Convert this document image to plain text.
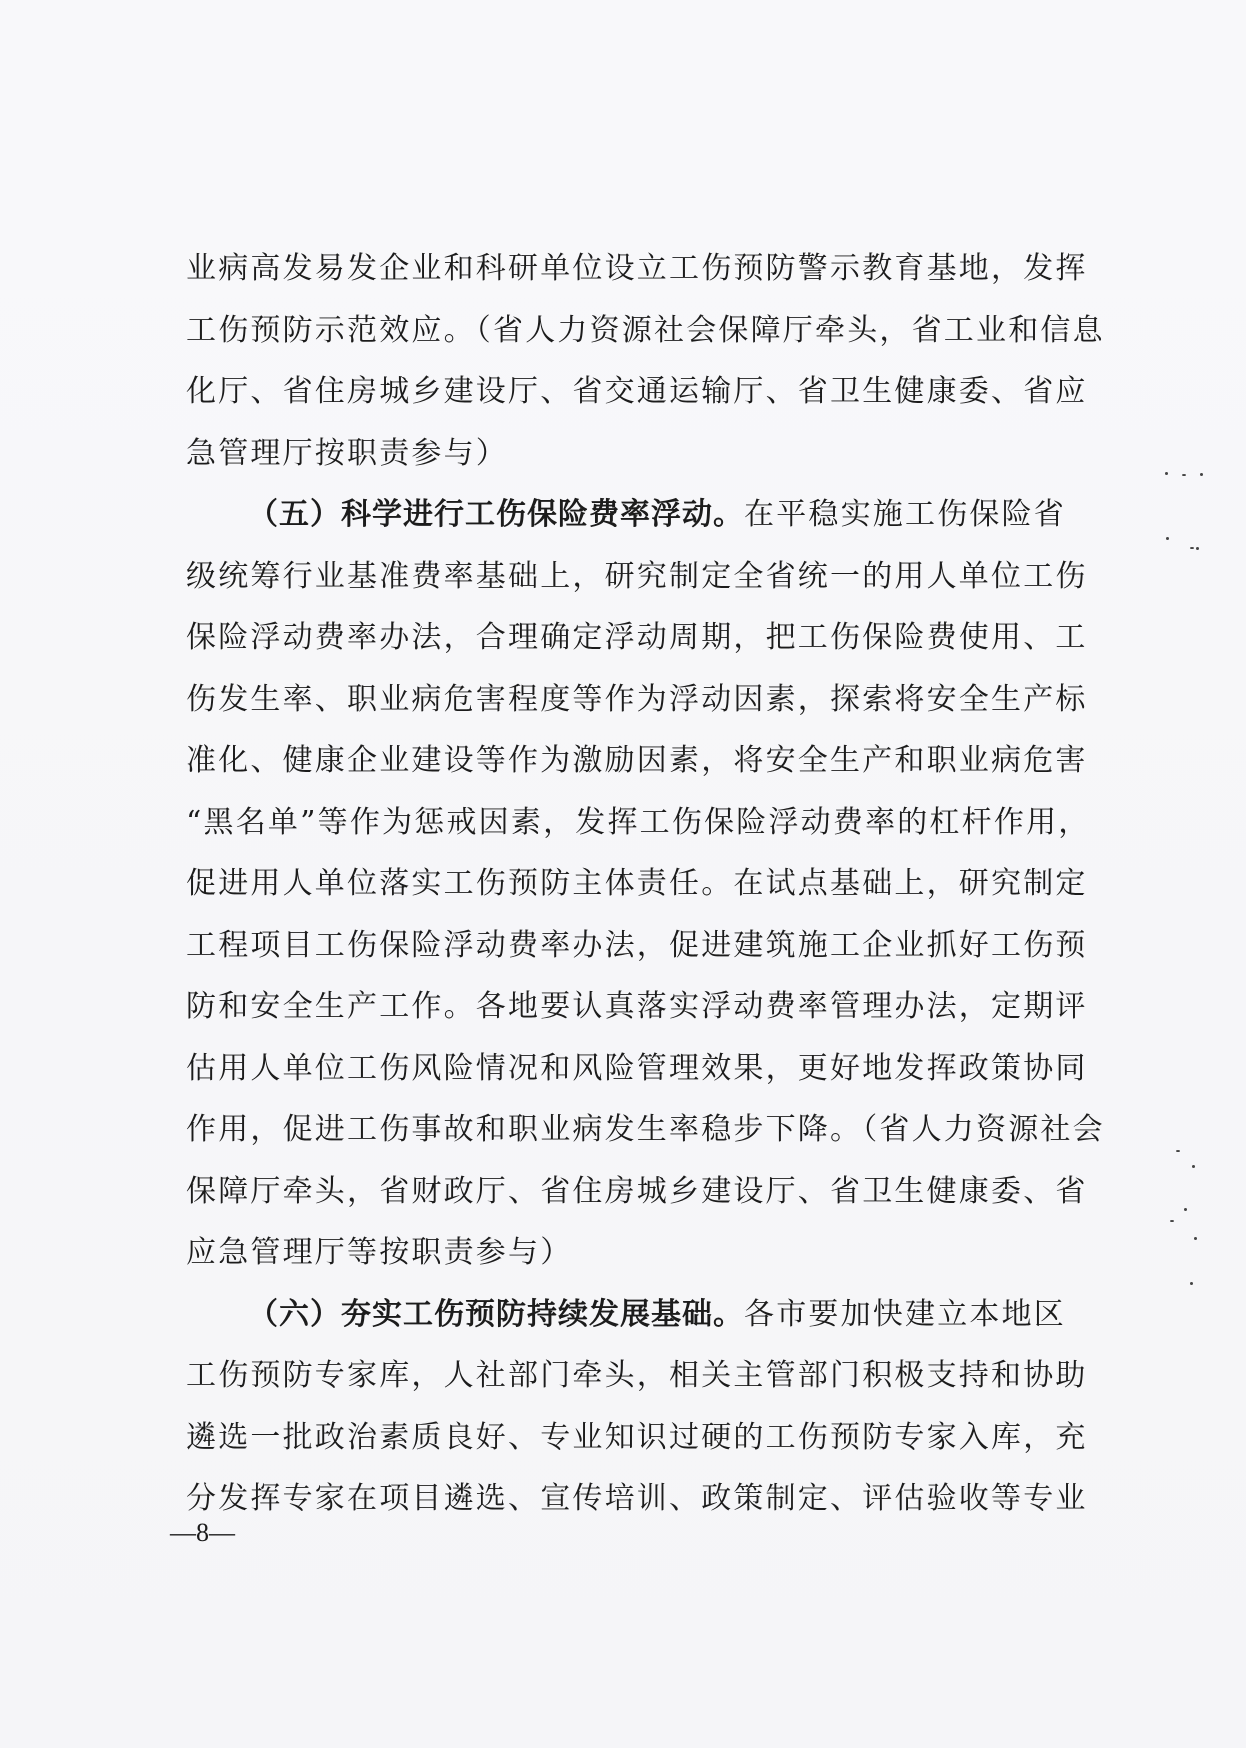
业病高发易发企业和科研单位设立工伤预防警示教育基地，发挥
工伤预防示范效应。（省人力资源社会保障厅牵头，省工业和信息
化厅、省住房城乡建设厅、省交通运输厅、省卫生健康委、省应
急管理厅按职责参与）
（五）科学进行工伤保险费率浮动。在平稳实施工伤保险省
级统筹行业基准费率基础上，研究制定全省统一的用人单位工伤
保险浮动费率办法，合理确定浮动周期，把工伤保险费使用、工
伤发生率、职业病危害程度等作为浮动因素，探索将安全生产标
准化、健康企业建设等作为激励因素，将安全生产和职业病危害
“黑名单”等作为惩戒因素，发挥工伤保险浮动费率的杠杆作用，
促进用人单位落实工伤预防主体责任。在试点基础上，研究制定
工程项目工伤保险浮动费率办法，促进建筑施工企业抓好工伤预
防和安全生产工作。各地要认真落实浮动费率管理办法，定期评
估用人单位工伤风险情况和风险管理效果，更好地发挥政策协同
作用，促进工伤事故和职业病发生率稳步下降。（省人力资源社会
保障厅牵头，省财政厅、省住房城乡建设厅、省卫生健康委、省
应急管理厅等按职责参与）
（六）夯实工伤预防持续发展基础。各市要加快建立本地区
工伤预防专家库，人社部门牵头，相关主管部门积极支持和协助
遴选一批政治素质良好、专业知识过硬的工伤预防专家入库，充
分发挥专家在项目遴选、宣传培训、政策制定、评估验收等专业
—8—
